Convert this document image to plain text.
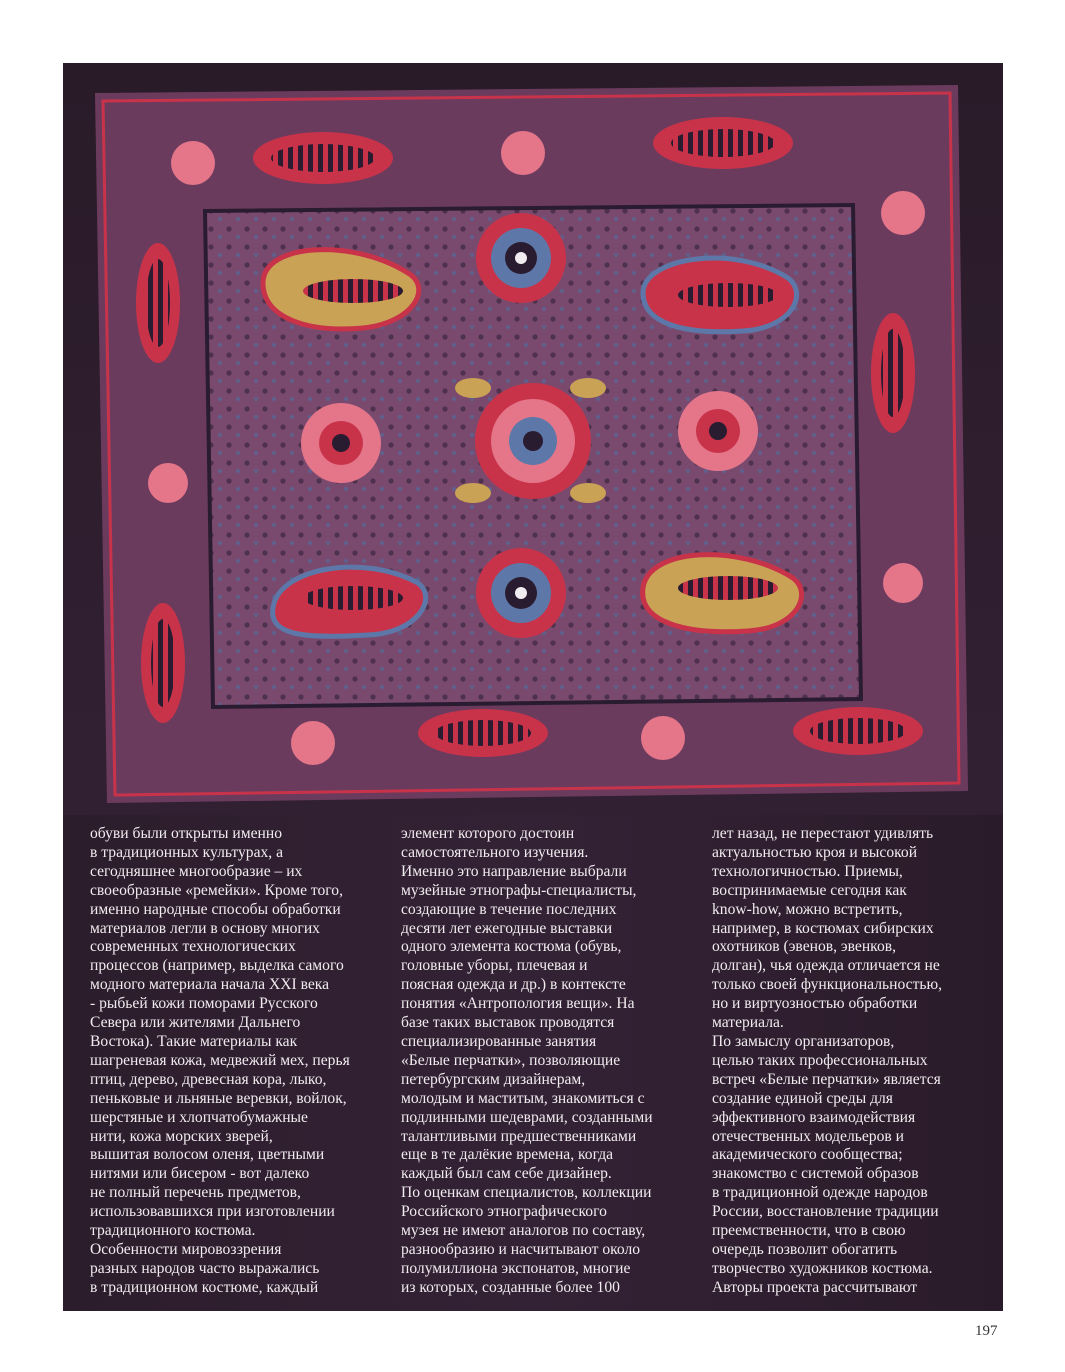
обуви были открыты именно
в традиционных культурах, а
сегодняшнее многообразие – их
своеобразные «ремейки». Кроме того,
именно народные способы обработки
материалов легли в основу многих
современных технологических
процессов (например, выделка самого
модного материала начала XXI века
- рыбьей кожи поморами Русского
Севера или жителями Дальнего
Востока). Такие материалы как
шагреневая кожа, медвежий мех, перья
птиц, дерево, древесная кора, лыко,
пеньковые и льняные веревки, войлок,
шерстяные и хлопчатобумажные
нити, кожа морских зверей,
вышитая волосом оленя, цветными
нитями или бисером - вот далеко
не полный перечень предметов,
использовавшихся при изготовлении
традиционного костюма.
Особенности мировоззрения
разных народов часто выражались
в традиционном костюме, каждый
элемент которого достоин
самостоятельного изучения.
Именно это направление выбрали
музейные этнографы-специалисты,
создающие в течение последних
десяти лет ежегодные выставки
одного элемента костюма (обувь,
головные уборы, плечевая и
поясная одежда и др.) в контексте
понятия «Антропология вещи». На
базе таких выставок проводятся
специализированные занятия
«Белые перчатки», позволяющие
петербургским дизайнерам,
молодым и маститым, знакомиться с
подлинными шедеврами, созданными
талантливыми предшественниками
еще в те далёкие времена, когда
каждый был сам себе дизайнер.
По оценкам специалистов, коллекции
Российского этнографического
музея не имеют аналогов по составу,
разнообразию и насчитывают около
полумиллиона экспонатов, многие
из которых, созданные более 100
лет назад, не перестают удивлять
актуальностью кроя и высокой
технологичностью. Приемы,
воспринимаемые сегодня как
know-how, можно встретить,
например, в костюмах сибирских
охотников (эвенов, эвенков,
долган), чья одежда отличается не
только своей функциональностью,
но и виртуозностью обработки
материала.
По замыслу организаторов,
целью таких профессиональных
встреч «Белые перчатки» является
создание единой среды для
эффективного взаимодействия
отечественных модельеров и
академического сообщества;
знакомство с системой образов
в традиционной одежде народов
России, восстановление традиции
преемственности, что в свою
очередь позволит обогатить
творчество художников костюма.
Авторы проекта рассчитывают
197
